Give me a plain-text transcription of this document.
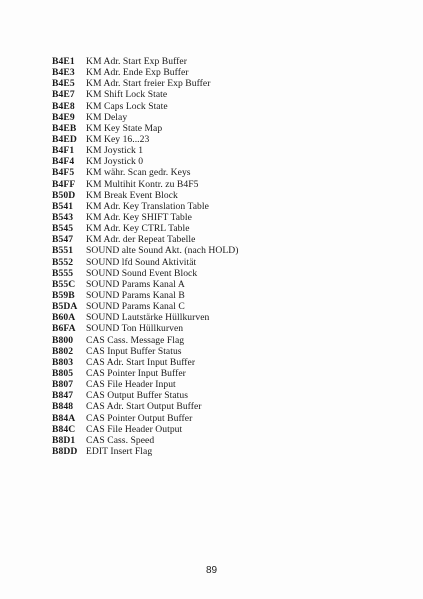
B4E1	KM Adr. Start Exp Buffer
B4E3	KM Adr. Ende Exp Buffer
B4E5	KM Adr. Start freier Exp Buffer
B4E7	KM Shift Lock State
B4E8	KM Caps Lock State
B4E9	KM Delay
B4EB KM Key State Map
B4ED KM Key 16...23
B4F1	KM Joystick 1
B4F4	KM Joystick 0
B4F5	KM währ. Scan gedr. Keys
B4FF	KM Multihit Kontr. zu B4F5
B50D	KM Break Event Block
B541	KM Adr. Key Translation Table
B543	KM Adr. Key SHIFT Table
B545	KM Adr. Key CTRL Table
B547	KM Adr. der Repeat Tabelle
B551	SOUND alte Sound Akt. (nach HOLD)
B552	SOUND lfd Sound Aktivität
B555	SOUND Sound Event Block
B55C	SOUND Params Kanal A
B59B	SOUND Params Kanal B
B5DA SOUND Params Kanal C
B60A	SOUND Lautstärke Hüllkurven
B6FA	SOUND Ton Hüllkurven
B800	CAS Cass. Message Flag
B802	CAS Input Buffer Status
B803	CAS Adr. Start Input Buffer
B805	CAS Pointer Input Buffer
B807	CAS File Header Input
B847	CAS Output Buffer Status
B848	CAS Adr. Start Output Buffer
B84A	CAS Pointer Output Buffer
B84C	CAS File Header Output
B8D1	CAS Cass. Speed
B8DD EDIT Insert Flag
89
